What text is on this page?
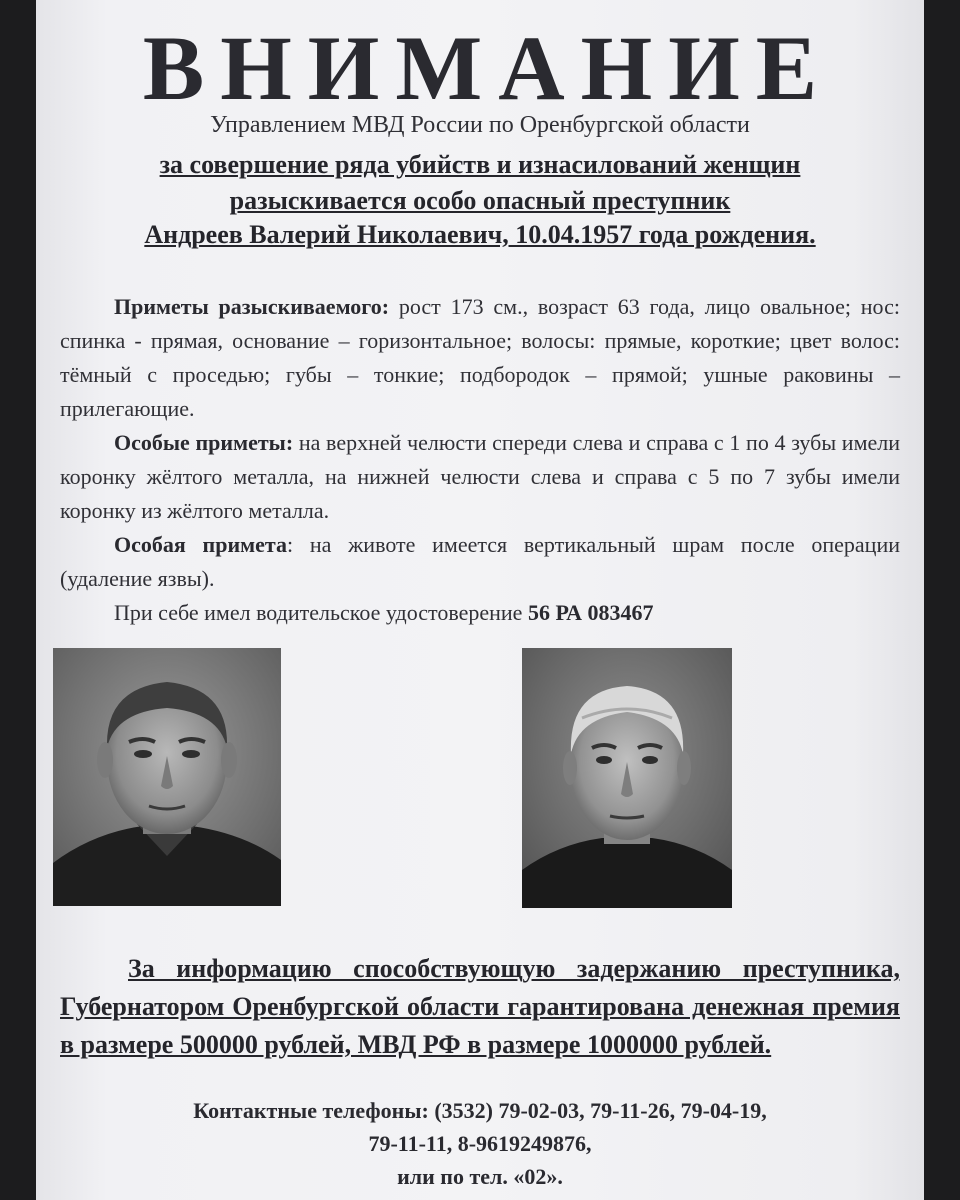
ВНИМАНИЕ
Управлением МВД России по Оренбургской области
за совершение ряда убийств и изнасилований женщин
разыскивается особо опасный преступник
Андреев Валерий Николаевич, 10.04.1957 года рождения.

Приметы разыскиваемого: рост 173 см., возраст 63 года, лицо овальное; нос: спинка - прямая, основание – горизонтальное; волосы: прямые, короткие; цвет волос: тёмный с проседью; губы – тонкие; подбородок – прямой; ушные раковины – прилегающие.

Особые приметы: на верхней челюсти спереди слева и справа с 1 по 4 зубы имели коронку жёлтого металла, на нижней челюсти слева и справа с 5 по 7 зубы имели коронку из жёлтого металла.

Особая примета: на животе имеется вертикальный шрам после операции (удаление язвы).

При себе имел водительское удостоверение 56 РА 083467

За информацию способствующую задержанию преступника, Губернатором Оренбургской области гарантирована денежная премия в размере 500000 рублей, МВД РФ в размере 1000000 рублей.
Контактные телефоны: (3532) 79-02-03, 79-11-26, 79-04-19,
79-11-11, 8-9619249876,
или по тел. «02».
